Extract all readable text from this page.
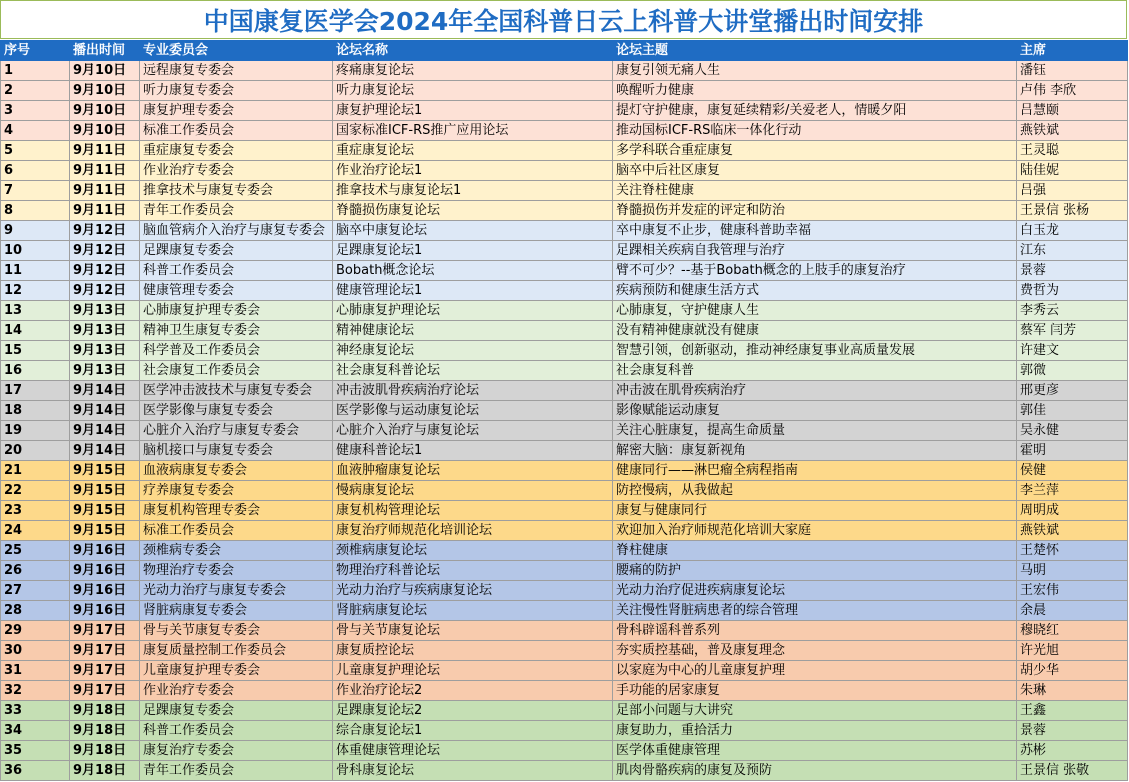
中国康复医学会2024年全国科普日云上科普大讲堂播出时间安排
序号	播出时间	专业委员会	论坛名称	论坛主题	主席
1	9月10日	远程康复专委会	疼痛康复论坛	康复引领无痛人生	潘钰
2	9月10日	听力康复专委会	听力康复论坛	唤醒听力健康	卢伟 李欣
3	9月10日	康复护理专委会	康复护理论坛1	提灯守护健康，康复延续精彩/关爱老人，情暖夕阳	吕慧颐
4	9月10日	标准工作委员会	国家标准ICF-RS推广应用论坛	推动国标ICF-RS临床一体化行动	燕铁斌
5	9月11日	重症康复专委会	重症康复论坛	多学科联合重症康复	王灵聪
6	9月11日	作业治疗专委会	作业治疗论坛1	脑卒中后社区康复	陆佳妮
7	9月11日	推拿技术与康复专委会	推拿技术与康复论坛1	关注脊柱健康	吕强
8	9月11日	青年工作委员会	脊髓损伤康复论坛	脊髓损伤并发症的评定和防治	王景信 张杨
9	9月12日	脑血管病介入治疗与康复专委会	脑卒中康复论坛	卒中康复不止步，健康科普助幸福	白玉龙
10	9月12日	足踝康复专委会	足踝康复论坛1	足踝相关疾病自我管理与治疗	江东
11	9月12日	科普工作委员会	Bobath概念论坛	臂不可少？--基于Bobath概念的上肢手的康复治疗	景蓉
12	9月12日	健康管理专委会	健康管理论坛1	疾病预防和健康生活方式	费哲为
13	9月13日	心肺康复护理专委会	心肺康复护理论坛	心肺康复，守护健康人生	李秀云
14	9月13日	精神卫生康复专委会	精神健康论坛	没有精神健康就没有健康	蔡军 闫芳
15	9月13日	科学普及工作委员会	神经康复论坛	智慧引领，创新驱动，推动神经康复事业高质量发展	许建文
16	9月13日	社会康复工作委员会	社会康复科普论坛	社会康复科普	郭微
17	9月14日	医学冲击波技术与康复专委会	冲击波肌骨疾病治疗论坛	冲击波在肌骨疾病治疗	邢更彦
18	9月14日	医学影像与康复专委会	医学影像与运动康复论坛	影像赋能运动康复	郭佳
19	9月14日	心脏介入治疗与康复专委会	心脏介入治疗与康复论坛	关注心脏康复，提高生命质量	吴永健
20	9月14日	脑机接口与康复专委会	健康科普论坛1	解密大脑：康复新视角	霍明
21	9月15日	血液病康复专委会	血液肿瘤康复论坛	健康同行——淋巴瘤全病程指南	侯健
22	9月15日	疗养康复专委会	慢病康复论坛	防控慢病，从我做起	李兰萍
23	9月15日	康复机构管理专委会	康复机构管理论坛	康复与健康同行	周明成
24	9月15日	标准工作委员会	康复治疗师规范化培训论坛	欢迎加入治疗师规范化培训大家庭	燕铁斌
25	9月16日	颈椎病专委会	颈椎病康复论坛	脊柱健康	王楚怀
26	9月16日	物理治疗专委会	物理治疗科普论坛	腰痛的防护	马明
27	9月16日	光动力治疗与康复专委会	光动力治疗与疾病康复论坛	光动力治疗促进疾病康复论坛	王宏伟
28	9月16日	肾脏病康复专委会	肾脏病康复论坛	关注慢性肾脏病患者的综合管理	余晨
29	9月17日	骨与关节康复专委会	骨与关节康复论坛	骨科辟谣科普系列	穆晓红
30	9月17日	康复质量控制工作委员会	康复质控论坛	夯实质控基础，普及康复理念	许光旭
31	9月17日	儿童康复护理专委会	儿童康复护理论坛	以家庭为中心的儿童康复护理	胡少华
32	9月17日	作业治疗专委会	作业治疗论坛2	手功能的居家康复	朱琳
33	9月18日	足踝康复专委会	足踝康复论坛2	足部小问题与大讲究	王鑫
34	9月18日	科普工作委员会	综合康复论坛1	康复助力，重拾活力	景蓉
35	9月18日	康复治疗专委会	体重健康管理论坛	医学体重健康管理	苏彬
36	9月18日	青年工作委员会	骨科康复论坛	肌肉骨骼疾病的康复及预防	王景信 张敬
